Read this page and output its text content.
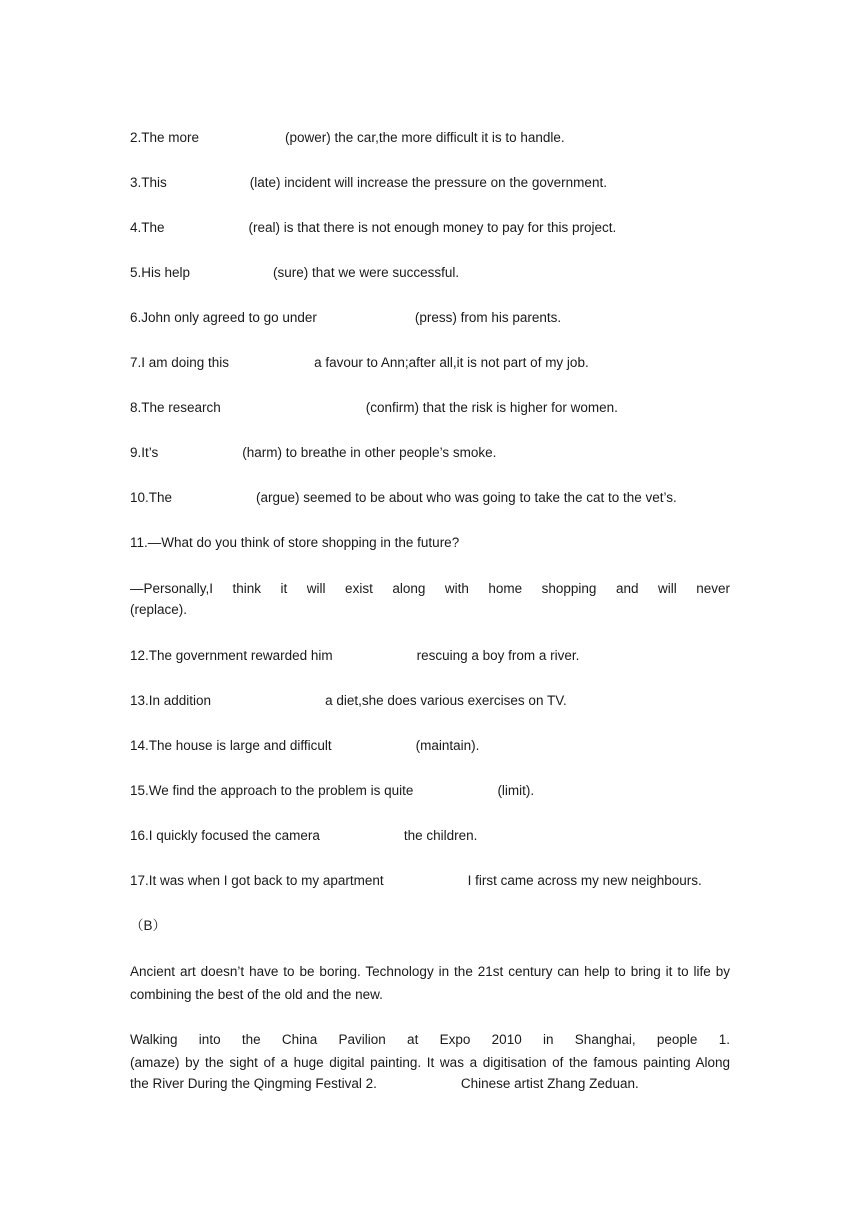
2.The more	(power) the car,the more difficult it is to handle.
3.This	(late) incident will increase the pressure on the government.
4.The	(real) is that there is not enough money to pay for this project.
5.His help	(sure) that we were successful.
6.John only agreed to go under	(press) from his parents.
7.I am doing this	a favour to Ann;after all,it is not part of my job.
8.The research	(confirm) that the risk is higher for women.
9.It’s	(harm) to breathe in other people’s smoke.
10.The	(argue) seemed to be about who was going to take the cat to the vet’s.
11.—What do you think of store shopping in the future?
—Personally,I think it will exist along with home shopping and will never
(replace).
12.The government rewarded him	rescuing a boy from a river.
13.In addition	a diet,she does various exercises on TV.
14.The house is large and difficult	(maintain).
15.We find the approach to the problem is quite	(limit).
16.I quickly focused the camera	the children.
17.It was when I got back to my apartment	I first came across my new neighbours.
（B）
Ancient art doesn’t have to be boring. Technology in the 21st century can help to bring it to life by combining the best of the old and the new.
Walking into the China Pavilion at Expo 2010 in Shanghai, people 1.
(amaze) by the sight of a huge digital painting. It was a digitisation of the famous painting Along
the River During the Qingming Festival 2.	Chinese artist Zhang Zeduan.
